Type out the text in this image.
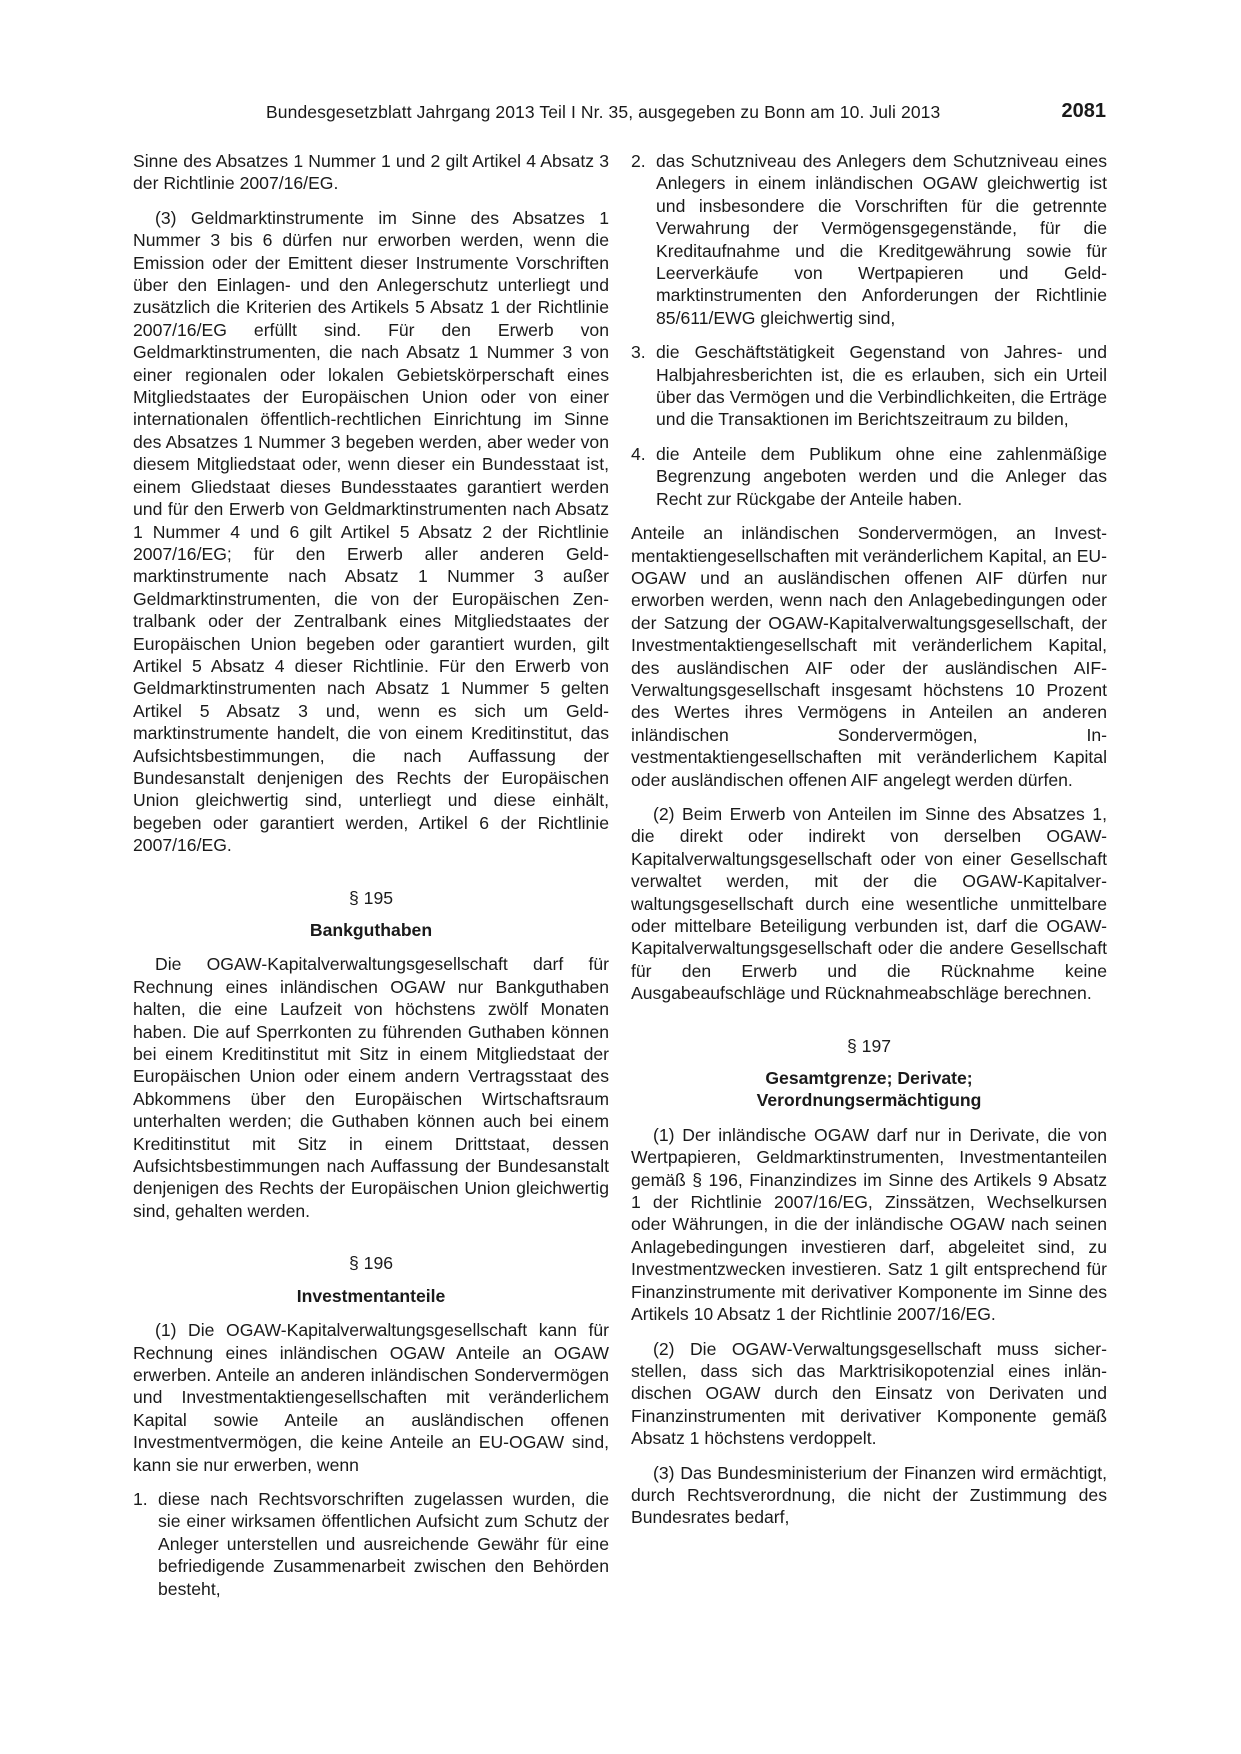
Bundesgesetzblatt Jahrgang 2013 Teil I Nr. 35, ausgegeben zu Bonn am 10. Juli 2013	2081

Sinne des Absatzes 1 Nummer 1 und 2 gilt Artikel 4 Absatz 3 der Richtlinie 2007/16/EG.

(3) Geldmarktinstrumente im Sinne des Absatzes 1 Nummer 3 bis 6 dürfen nur erworben werden, wenn die Emission oder der Emittent dieser Instrumente Vorschriften über den Einlagen- und den Anlegerschutz unterliegt und zusätzlich die Kriterien des Artikels 5 Absatz 1 der Richtlinie 2007/16/EG erfüllt sind. Für den Erwerb von Geldmarktinstrumenten, die nach Absatz 1 Nummer 3 von einer regionalen oder lokalen Gebietskörperschaft eines Mitgliedstaates der Europäischen Union oder von einer internationalen öffentlich-rechtlichen Einrichtung im Sinne des Absatzes 1 Nummer 3 begeben werden, aber weder von diesem Mitgliedstaat oder, wenn dieser ein Bundesstaat ist, einem Gliedstaat dieses Bundesstaates garantiert werden und für den Erwerb von Geldmarktinstrumenten nach Absatz 1 Nummer 4 und 6 gilt Artikel 5 Absatz 2 der Richtlinie 2007/16/EG; für den Erwerb aller anderen Geldmarktinstrumente nach Absatz 1 Nummer 3 außer Geldmarktinstrumenten, die von der Europäischen Zentralbank oder der Zentralbank eines Mitgliedstaates der Europäischen Union begeben oder garantiert wurden, gilt Artikel 5 Absatz 4 dieser Richtlinie. Für den Erwerb von Geldmarktinstrumenten nach Absatz 1 Nummer 5 gelten Artikel 5 Absatz 3 und, wenn es sich um Geldmarktinstrumente handelt, die von einem Kreditinstitut, das Aufsichtsbestimmungen, die nach Auffassung der Bundesanstalt denjenigen des Rechts der Europäischen Union gleichwertig sind, unterliegt und diese einhält, begeben oder garantiert werden, Artikel 6 der Richtlinie 2007/16/EG.

§ 195
Bankguthaben

Die OGAW-Kapitalverwaltungsgesellschaft darf für Rechnung eines inländischen OGAW nur Bankguthaben halten, die eine Laufzeit von höchstens zwölf Monaten haben. Die auf Sperrkonten zu führenden Guthaben können bei einem Kreditinstitut mit Sitz in einem Mitgliedstaat der Europäischen Union oder einem andern Vertragsstaat des Abkommens über den Europäischen Wirtschaftsraum unterhalten werden; die Guthaben können auch bei einem Kreditinstitut mit Sitz in einem Drittstaat, dessen Aufsichtsbestimmungen nach Auffassung der Bundesanstalt denjenigen des Rechts der Europäischen Union gleichwertig sind, gehalten werden.

§ 196
Investmentanteile

(1) Die OGAW-Kapitalverwaltungsgesellschaft kann für Rechnung eines inländischen OGAW Anteile an OGAW erwerben. Anteile an anderen inländischen Sondervermögen und Investmentaktiengesellschaften mit veränderlichem Kapital sowie Anteile an ausländischen offenen Investmentvermögen, die keine Anteile an EU-OGAW sind, kann sie nur erwerben, wenn

1. diese nach Rechtsvorschriften zugelassen wurden, die sie einer wirksamen öffentlichen Aufsicht zum Schutz der Anleger unterstellen und ausreichende Gewähr für eine befriedigende Zusammenarbeit zwischen den Behörden besteht,
2. das Schutzniveau des Anlegers dem Schutzniveau eines Anlegers in einem inländischen OGAW gleichwertig ist und insbesondere die Vorschriften für die getrennte Verwahrung der Vermögensgegenstände, für die Kreditaufnahme und die Kreditgewährung sowie für Leerverkäufe von Wertpapieren und Geldmarktinstrumenten den Anforderungen der Richtlinie 85/611/EWG gleichwertig sind,
3. die Geschäftstätigkeit Gegenstand von Jahres- und Halbjahresberichten ist, die es erlauben, sich ein Urteil über das Vermögen und die Verbindlichkeiten, die Erträge und die Transaktionen im Berichtszeitraum zu bilden,
4. die Anteile dem Publikum ohne eine zahlenmäßige Begrenzung angeboten werden und die Anleger das Recht zur Rückgabe der Anteile haben.

Anteile an inländischen Sondervermögen, an Investmentaktiengesellschaften mit veränderlichem Kapital, an EU-OGAW und an ausländischen offenen AIF dürfen nur erworben werden, wenn nach den Anlagebedingungen oder der Satzung der OGAW-Kapitalverwaltungsgesellschaft, der Investmentaktiengesellschaft mit veränderlichem Kapital, des ausländischen AIF oder der ausländischen AIF-Verwaltungsgesellschaft insgesamt höchstens 10 Prozent des Wertes ihres Vermögens in Anteilen an anderen inländischen Sondervermögen, Investmentaktiengesellschaften mit veränderlichem Kapital oder ausländischen offenen AIF angelegt werden dürfen.

(2) Beim Erwerb von Anteilen im Sinne des Absatzes 1, die direkt oder indirekt von derselben OGAW-Kapitalverwaltungsgesellschaft oder von einer Gesellschaft verwaltet werden, mit der die OGAW-Kapitalverwaltungsgesellschaft durch eine wesentliche unmittelbare oder mittelbare Beteiligung verbunden ist, darf die OGAW-Kapitalverwaltungsgesellschaft oder die andere Gesellschaft für den Erwerb und die Rücknahme keine Ausgabeaufschläge und Rücknahmeabschläge berechnen.

§ 197
Gesamtgrenze; Derivate;
Verordnungsermächtigung

(1) Der inländische OGAW darf nur in Derivate, die von Wertpapieren, Geldmarktinstrumenten, Investmentanteilen gemäß § 196, Finanzindizes im Sinne des Artikels 9 Absatz 1 der Richtlinie 2007/16/EG, Zinssätzen, Wechselkursen oder Währungen, in die der inländische OGAW nach seinen Anlagebedingungen investieren darf, abgeleitet sind, zu Investmentzwecken investieren. Satz 1 gilt entsprechend für Finanzinstrumente mit derivativer Komponente im Sinne des Artikels 10 Absatz 1 der Richtlinie 2007/16/EG.

(2) Die OGAW-Verwaltungsgesellschaft muss sicherstellen, dass sich das Marktrisikopotenzial eines inländischen OGAW durch den Einsatz von Derivaten und Finanzinstrumenten mit derivativer Komponente gemäß Absatz 1 höchstens verdoppelt.

(3) Das Bundesministerium der Finanzen wird ermächtigt, durch Rechtsverordnung, die nicht der Zustimmung des Bundesrates bedarf,
